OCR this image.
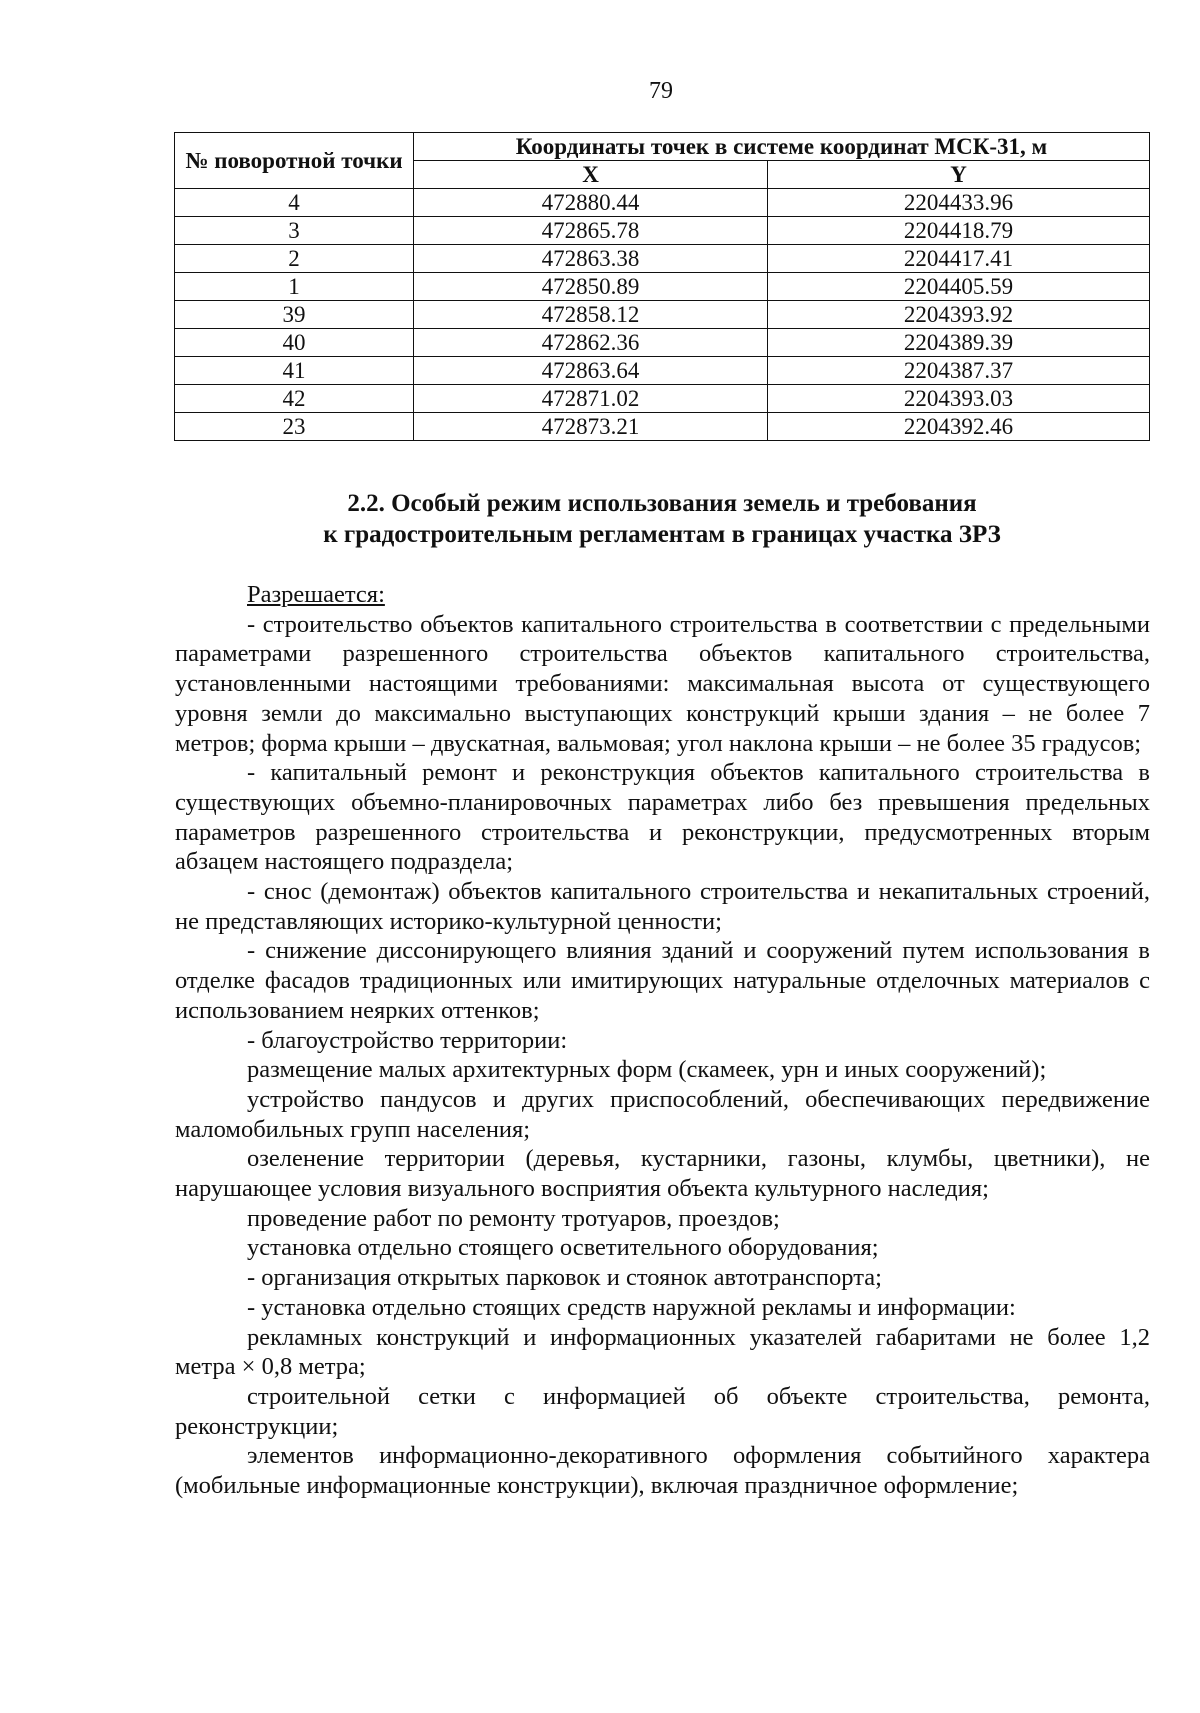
79
№ поворотной точки	Координаты точек в системе координат МСК-31, м	
	X	Y
4	472880.44	2204433.96
3	472865.78	2204418.79
2	472863.38	2204417.41
1	472850.89	2204405.59
39	472858.12	2204393.92
40	472862.36	2204389.39
41	472863.64	2204387.37
42	472871.02	2204393.03
23	472873.21	2204392.46
2.2. Особый режим использования земель и требования
к градостроительным регламентам в границах участка ЗРЗ

Разрешается:

- строительство объектов капитального строительства в соответствии с предельными параметрами разрешенного строительства объектов капитального строительства, установленными настоящими требованиями: максимальная высота от существующего уровня земли до максимально выступающих конструкций крыши здания – не более 7 метров; форма крыши – двускатная, вальмовая; угол наклона крыши – не более 35 градусов;

- капитальный ремонт и реконструкция объектов капитального строительства в существующих объемно-планировочных параметрах либо без превышения предельных параметров разрешенного строительства и реконструкции, предусмотренных вторым абзацем настоящего подраздела;

- снос (демонтаж) объектов капитального строительства и некапитальных строений, не представляющих историко-культурной ценности;

- снижение диссонирующего влияния зданий и сооружений путем использования в отделке фасадов традиционных или имитирующих натуральные отделочных материалов с использованием неярких оттенков;

- благоустройство территории:

размещение малых архитектурных форм (скамеек, урн и иных сооружений);

устройство пандусов и других приспособлений, обеспечивающих передвижение маломобильных групп населения;

озеленение территории (деревья, кустарники, газоны, клумбы, цветники), не нарушающее условия визуального восприятия объекта культурного наследия;

проведение работ по ремонту тротуаров, проездов;

установка отдельно стоящего осветительного оборудования;

- организация открытых парковок и стоянок автотранспорта;

- установка отдельно стоящих средств наружной рекламы и информации:

рекламных конструкций и информационных указателей габаритами не более 1,2 метра × 0,8 метра;

строительной сетки с информацией об объекте строительства, ремонта, реконструкции;

элементов информационно-декоративного оформления событийного характера (мобильные информационные конструкции), включая праздничное оформление;
